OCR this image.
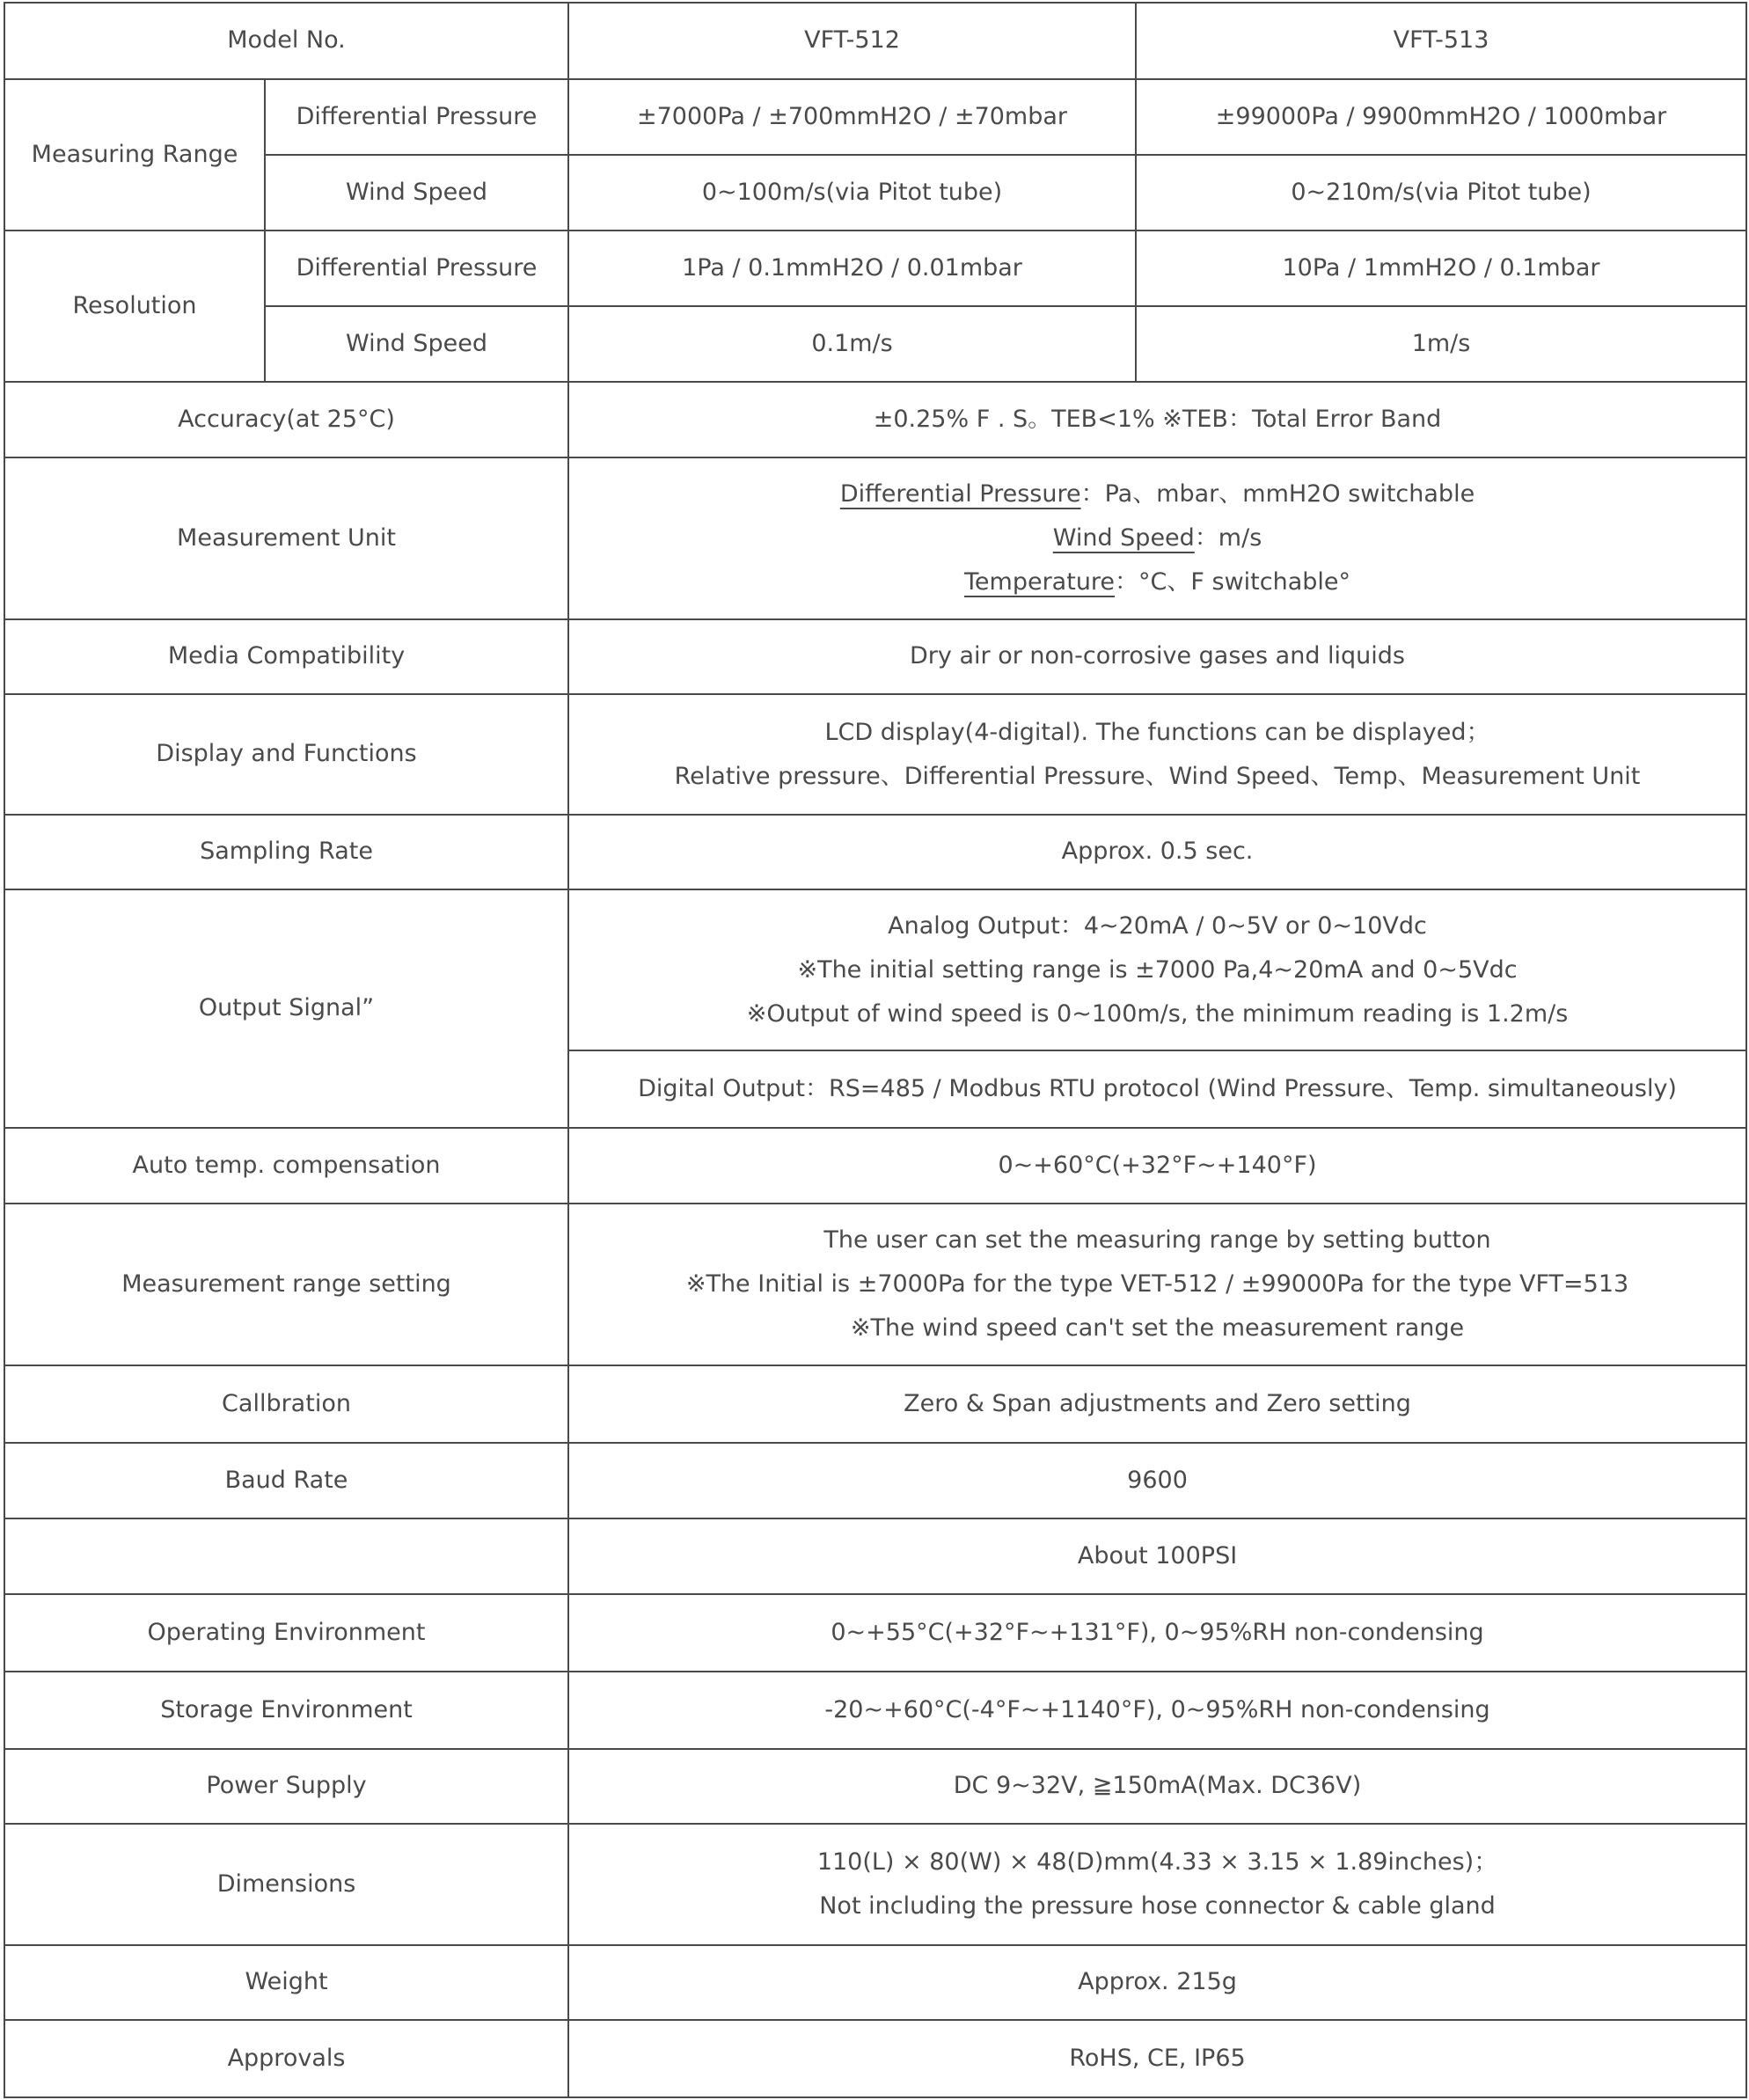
Model No.		VFT-512	VFT-513
Measuring Range	Differential Pressure	±7000Pa / ±700mmH2O / ±70mbar	±99000Pa / 9900mmH2O / 1000mbar
	Wind Speed	0~100m/s(via Pitot tube)	0~210m/s(via Pitot tube)
Resolution	Differential Pressure	1Pa / 0.1mmH2O / 0.01mbar	10Pa / 1mmH2O / 0.1mbar
	Wind Speed	0.1m/s	1m/s
Accuracy(at 25°C)		±0.25% F . S。TEB<1% ※TEB：Total Error Band	
Measurement Unit		Differential Pressure：Pa、mbar、mmH2O switchable
Wind Speed：m/s
Temperature：°C、F switchable°	

Media Compatibility		Dry air or non-corrosive gases and liquids	
Display and Functions		LCD display(4-digital). The functions can be displayed；
Relative pressure、Differential Pressure、Wind Speed、Temp、Measurement Unit	

Sampling Rate		Approx. 0.5 sec.	
Output Signal”		Analog Output：4~20mA / 0~5V or 0~10Vdc
※The initial setting range is ±7000 Pa,4~20mA and 0~5Vdc
※Output of wind speed is 0~100m/s, the minimum reading is 1.2m/s	

		Digital Output：RS=485 / Modbus RTU protocol (Wind Pressure、Temp. simultaneously)	
Auto temp. compensation		0~+60°C(+32°F~+140°F)	
Measurement range setting		The user can set the measuring range by setting button
※The Initial is ±7000Pa for the type VET-512 / ±99000Pa for the type VFT=513
※The wind speed can't set the measurement range	

Callbration		Zero & Span adjustments and Zero setting	
Baud Rate		9600	
		About 100PSI	
Operating Environment		0~+55°C(+32°F~+131°F), 0~95%RH non-condensing	
Storage Environment		-20~+60°C(-4°F~+1140°F), 0~95%RH non-condensing	
Power Supply		DC 9~32V, ≧150mA(Max. DC36V)	
Dimensions		110(L) × 80(W) × 48(D)mm(4.33 × 3.15 × 1.89inches)；
Not including the pressure hose connector & cable gland	

Weight		Approx. 215g	
Approvals		RoHS, CE, IP65	
